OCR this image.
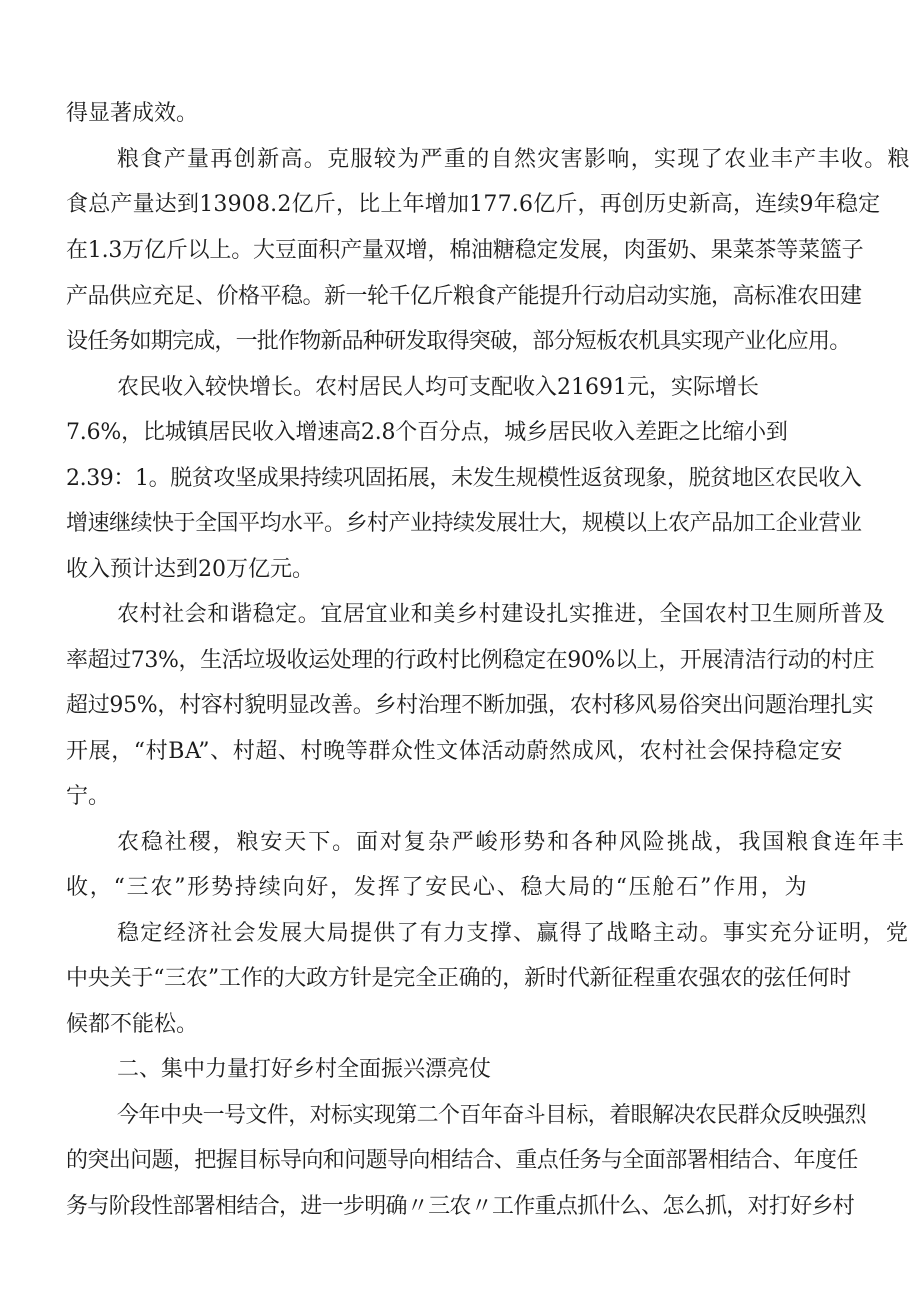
得显著成效。
粮食产量再创新高。克服较为严重的自然灾害影响，实现了农业丰产丰收。粮
食总产量达到13908.2亿斤，比上年增加177.6亿斤，再创历史新高，连续9年稳定
在1.3万亿斤以上。大豆面积产量双增，棉油糖稳定发展，肉蛋奶、果菜茶等菜篮子
产品供应充足、价格平稳。新一轮千亿斤粮食产能提升行动启动实施，高标准农田建
设任务如期完成，一批作物新品种研发取得突破，部分短板农机具实现产业化应用。
农民收入较快增长。农村居民人均可支配收入21691元，实际增长
7.6%，比城镇居民收入增速高2.8个百分点，城乡居民收入差距之比缩小到
2.39：1。脱贫攻坚成果持续巩固拓展，未发生规模性返贫现象，脱贫地区农民收入
增速继续快于全国平均水平。乡村产业持续发展壮大，规模以上农产品加工企业营业
收入预计达到20万亿元。
农村社会和谐稳定。宜居宜业和美乡村建设扎实推进，全国农村卫生厕所普及
率超过73%，生活垃圾收运处理的行政村比例稳定在90%以上，开展清洁行动的村庄
超过95%，村容村貌明显改善。乡村治理不断加强，农村移风易俗突出问题治理扎实
开展，“村BA”、村超、村晚等群众性文体活动蔚然成风，农村社会保持稳定安
宁。
农稳社稷，粮安天下。面对复杂严峻形势和各种风险挑战，我国粮食连年丰
收，“三农”形势持续向好，发挥了安民心、稳大局的“压舱石”作用，为
稳定经济社会发展大局提供了有力支撑、赢得了战略主动。事实充分证明，党
中央关于“三农”工作的大政方针是完全正确的，新时代新征程重农强农的弦任何时
候都不能松。
二、集中力量打好乡村全面振兴漂亮仗
今年中央一号文件，对标实现第二个百年奋斗目标，着眼解决农民群众反映强烈
的突出问题，把握目标导向和问题导向相结合、重点任务与全面部署相结合、年度任
务与阶段性部署相结合，进一步明确〃三农〃工作重点抓什么、怎么抓，对打好乡村
